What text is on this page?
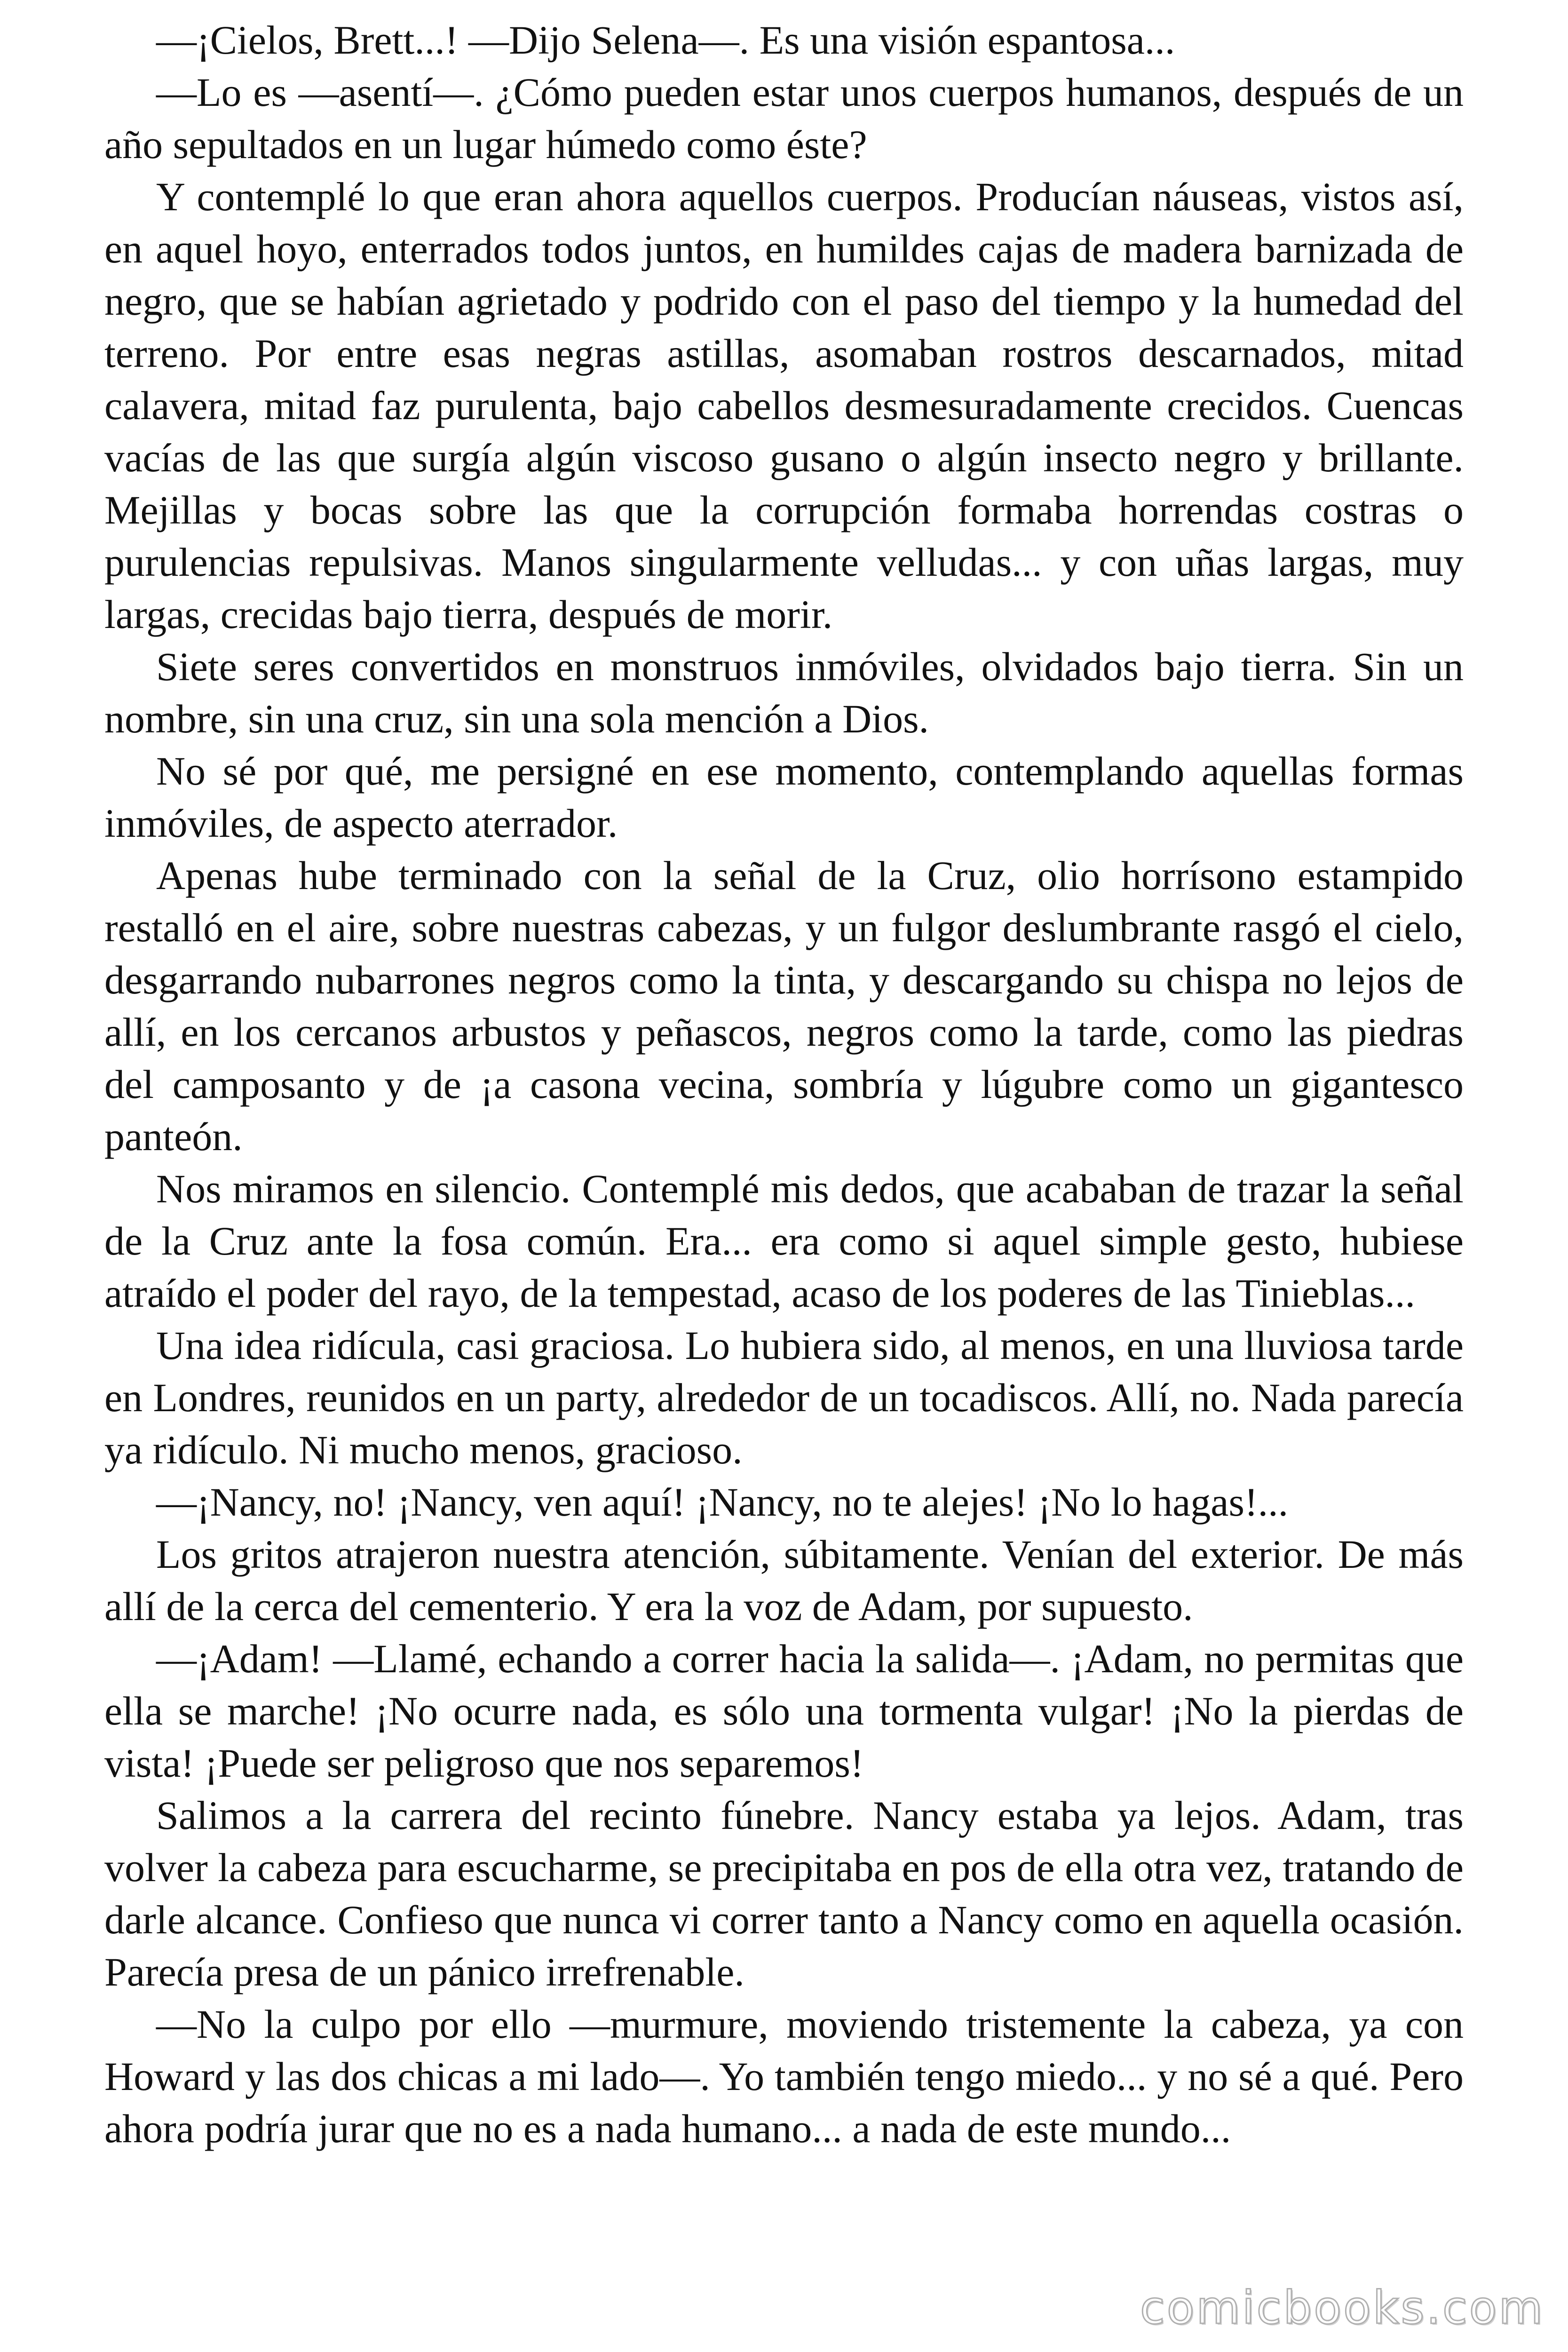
—¡Cielos, Brett...! —Dijo Selena—. Es una visión espantosa...

—Lo es —asentí—. ¿Cómo pueden estar unos cuerpos humanos, después de un año sepultados en un lugar húmedo como éste?

Y contemplé lo que eran ahora aquellos cuerpos. Producían náuseas, vistos así, en aquel hoyo, enterrados todos juntos, en humildes cajas de madera barnizada de negro, que se habían agrietado y podrido con el paso del tiempo y la humedad del terreno. Por entre esas negras astillas, asomaban rostros descarnados, mitad calavera, mitad faz purulenta, bajo cabellos desmesuradamente crecidos. Cuencas vacías de las que surgía algún viscoso gusano o algún insecto negro y brillante. Mejillas y bocas sobre las que la corrupción formaba horrendas costras o purulencias repulsivas. Manos singularmente velludas... y con uñas largas, muy largas, crecidas bajo tierra, después de morir.

Siete seres convertidos en monstruos inmóviles, olvidados bajo tierra. Sin un nombre, sin una cruz, sin una sola mención a Dios.

No sé por qué, me persigné en ese momento, contemplando aquellas formas inmóviles, de aspecto aterrador.

Apenas hube terminado con la señal de la Cruz, olio horrísono estampido restalló en el aire, sobre nuestras cabezas, y un fulgor deslumbrante rasgó el cielo, desgarrando nubarrones negros como la tinta, y descargando su chispa no lejos de allí, en los cercanos arbustos y peñascos, negros como la tarde, como las piedras del camposanto y de ¡a casona vecina, sombría y lúgubre como un gigantesco panteón.

Nos miramos en silencio. Contemplé mis dedos, que acababan de trazar la señal de la Cruz ante la fosa común. Era... era como si aquel simple gesto, hubiese atraído el poder del rayo, de la tempestad, acaso de los poderes de las Tinieblas...

Una idea ridícula, casi graciosa. Lo hubiera sido, al menos, en una lluviosa tarde en Londres, reunidos en un party, alrededor de un tocadiscos. Allí, no. Nada parecía ya ridículo. Ni mucho menos, gracioso.

—¡Nancy, no! ¡Nancy, ven aquí! ¡Nancy, no te alejes! ¡No lo hagas!...

Los gritos atrajeron nuestra atención, súbitamente. Venían del exterior. De más allí de la cerca del cementerio. Y era la voz de Adam, por supuesto.

—¡Adam! —Llamé, echando a correr hacia la salida—. ¡Adam, no permitas que ella se marche! ¡No ocurre nada, es sólo una tormenta vulgar! ¡No la pierdas de vista! ¡Puede ser peligroso que nos separemos!

Salimos a la carrera del recinto fúnebre. Nancy estaba ya lejos. Adam, tras volver la cabeza para escucharme, se precipitaba en pos de ella otra vez, tratando de darle alcance. Confieso que nunca vi correr tanto a Nancy como en aquella ocasión. Parecía presa de un pánico irrefrenable.

—No la culpo por ello —murmure, moviendo tristemente la cabeza, ya con Howard y las dos chicas a mi lado—. Yo también tengo miedo... y no sé a qué. Pero ahora podría jurar que no es a nada humano... a nada de este mundo...

comicbooks.com
